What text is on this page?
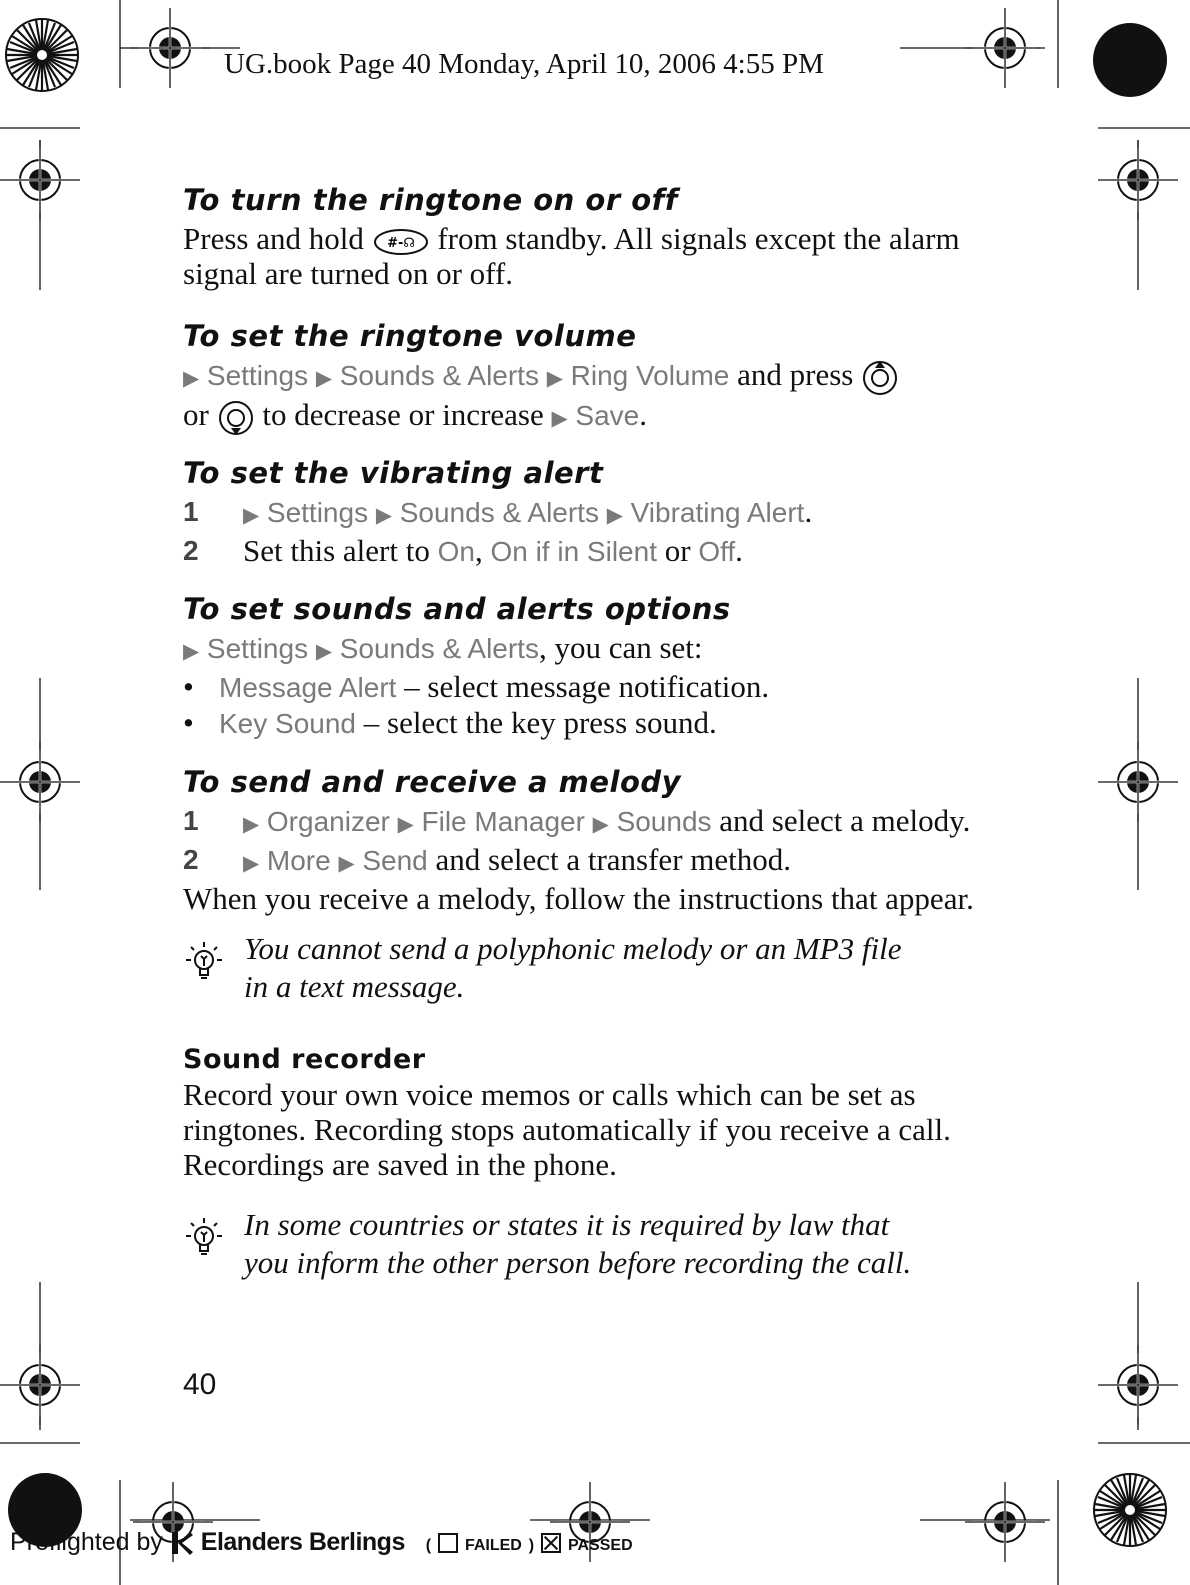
UG.book Page 40 Monday, April 10, 2006 4:55 PM
To turn the ringtone on or off
Press and hold #-☊ from standby. All signals except the alarm
signal are turned on or off.
To set the ringtone volume
▶ Settings ▶ Sounds & Alerts ▶ Ring Volume and press
or to decrease or increase ▶ Save.
To set the vibrating alert
1 ▶ Settings ▶ Sounds & Alerts ▶ Vibrating Alert.
2 Set this alert to On, On if in Silent or Off.
To set sounds and alerts options
▶ Settings ▶ Sounds & Alerts, you can set:
• Message Alert – select message notification.
• Key Sound – select the key press sound.
To send and receive a melody
1 ▶ Organizer ▶ File Manager ▶ Sounds and select a melody.
2 ▶ More ▶ Send and select a transfer method.
When you receive a melody, follow the instructions that appear.
You cannot send a polyphonic melody or an MP3 file
in a text message.
Sound recorder
Record your own voice memos or calls which can be set as
ringtones. Recording stops automatically if you receive a call.
Recordings are saved in the phone.
In some countries or states it is required by law that
you inform the other person before recording the call.
40
Preflighted by Elanders Berlings ( FAILED ) PASSED
